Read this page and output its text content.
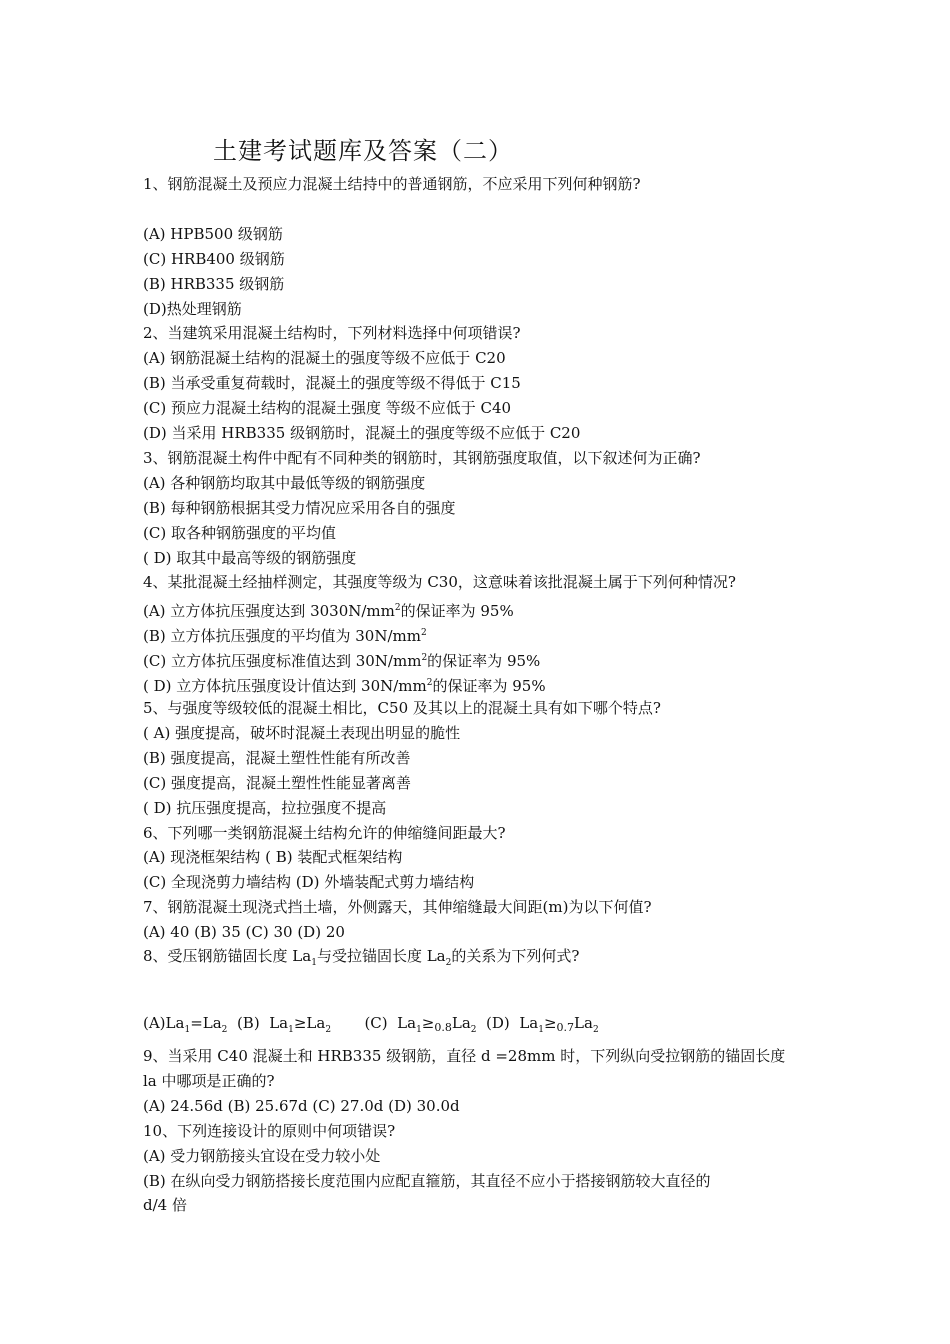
土建考试题库及答案（二）
1、钢筋混凝土及预应力混凝土结持中的普通钢筋，不应采用下列何种钢筋?
(A) HPB500 级钢筋
(C) HRB400 级钢筋
(B) HRB335 级钢筋
(D)热处理钢筋
2、当建筑采用混凝土结构时，下列材料选择中何项错误?
(A) 钢筋混凝土结构的混凝土的强度等级不应低于 C20
(B) 当承受重复荷载时，混凝土的强度等级不得低于 C15
(C) 预应力混凝土结构的混凝土强度 等级不应低于 C40
(D) 当采用 HRB335 级钢筋时，混凝土的强度等级不应低于 C20
3、钢筋混凝土构件中配有不同种类的钢筋时，其钢筋强度取值，以下叙述何为正确?
(A) 各种钢筋均取其中最低等级的钢筋强度
(B) 每种钢筋根据其受力情况应采用各自的强度
(C) 取各种钢筋强度的平均值
( D) 取其中最高等级的钢筋强度
4、某批混凝土经抽样测定，其强度等级为 C30，这意味着该批混凝土属于下列何种情况?
(A) 立方体抗压强度达到 $3030N/mm^2$的保证率为 95%
(B) 立方体抗压强度的平均值为 $30N/mm^2$
(C) 立方体抗压强度标准值达到 $30N/mm^2$的保证率为 95%
( D) 立方体抗压强度设计值达到 $30N/mm^2$的保证率为 95%
5、与强度等级较低的混凝土相比，C50 及其以上的混凝土具有如下哪个特点?
( A) 强度提高，破坏时混凝土表现出明显的脆性
(B) 强度提高，混凝土塑性性能有所改善
(C) 强度提高，混凝土塑性性能显著离善
( D) 抗压强度提高，拉拉强度不提高
6、下列哪一类钢筋混凝土结构允许的伸缩缝间距最大?
(A) 现浇框架结构 ( B) 装配式框架结构
(C) 全现浇剪力墙结构 (D) 外墙装配式剪力墙结构
7、钢筋混凝土现浇式挡土墙，外侧露天，其伸缩缝最大间距(m)为以下何值?
(A) 40 (B) 35 (C) 30 (D) 20
8、受压钢筋锚固长度 $La_1$与受拉锚固长度 $La_2$的关系为下列何式?
$(A)La_1=La_2$  (B)  $La_1\ge La_2$       (C)  $La_1\ge_{0.8}La_2$  (D)  $La_1\ge_{0.7}La_2$
9、当采用 C40 混凝土和 HRB335 级钢筋，直径 d =28mm 时，下列纵向受拉钢筋的锚固长度
la 中哪项是正确的?
(A) 24.56d (B) 25.67d (C) 27.0d (D) 30.0d
10、下列连接设计的原则中何项错误?
(A) 受力钢筋接头宜设在受力较小处
(B) 在纵向受力钢筋搭接长度范围内应配直箍筋，其直径不应小于搭接钢筋较大直径的
d/4 倍
